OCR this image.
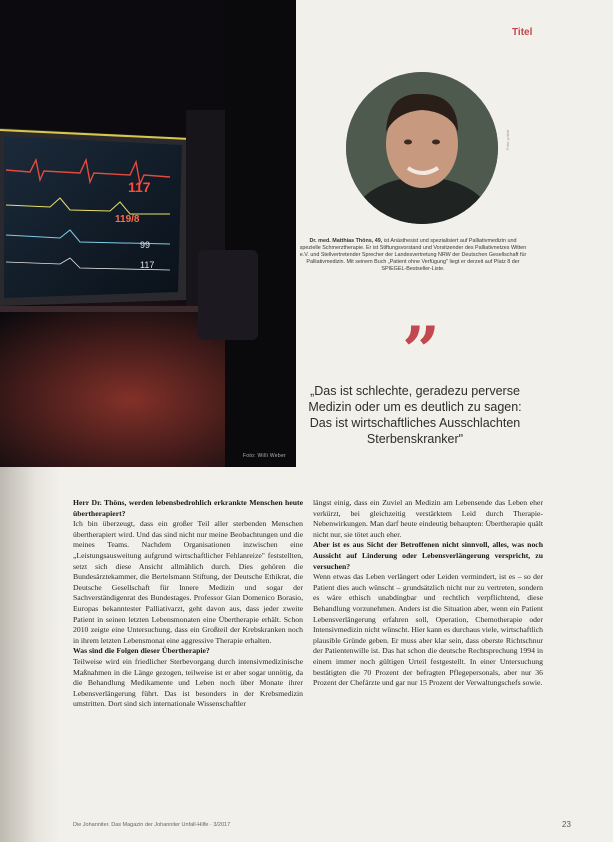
117
119/8
99
117
Foto: Willi Weber
Titel
Foto: privat

Dr. med. Matthias Thöns, 49, ist Anästhesist und spezialisiert auf Palliativmedizin und spezielle Schmerztherapie. Er ist Stiftungsvorstand und Vorsitzender des Palliativnetzes Witten e.V. und Stellvertretender Sprecher der Landesvertretung NRW der Deutschen Gesellschaft für Palliativmedizin. Mit seinem Buch „Patient ohne Verfügung" liegt er derzeit auf Platz 8 der SPIEGEL-Bestseller-Liste.

”

„Das ist schlechte, geradezu perverse Medizin oder um es deutlich zu sagen: Das ist wirtschaftliches Ausschlachten Sterbenskranker"

Herr Dr. Thöns, werden lebensbedrohlich erkrankte Menschen heute übertherapiert?

Ich bin überzeugt, dass ein großer Teil aller sterbenden Menschen übertherapiert wird. Und das sind nicht nur meine Beobachtungen und die meines Teams. Nachdem Organisationen inzwischen eine „Leistungsausweitung aufgrund wirtschaftlicher Fehlanreize" feststellten, setzt sich diese Ansicht allmählich durch. Dies gehören die Bundesärztekammer, die Bertelsmann Stiftung, der Deutsche Ethikrat, die Deutsche Gesellschaft für Innere Medizin und sogar der Sachverständigenrat des Bundestages. Professor Gian Domenico Borasio, Europas bekanntester Palliativarzt, geht davon aus, dass jeder zweite Patient in seinen letzten Lebensmonaten eine Übertherapie erhält. Schon 2010 zeigte eine Untersuchung, dass ein Großteil der Krebskranken noch in ihrem letzten Lebensmonat eine aggressive Therapie erhalten.

Was sind die Folgen dieser Übertherapie?

Teilweise wird ein friedlicher Sterbevorgang durch intensivmedizinische Maßnahmen in die Länge gezogen, teilweise ist er aber sogar unnötig, da die Behandlung Medikamente und Leben noch über Monate ihrer Lebensverlängerung führt. Das ist besonders in der Krebsmedizin umstritten. Dort sind sich internationale Wissenschaftler

längst einig, dass ein Zuviel an Medizin am Lebensende das Leben eher verkürzt, bei gleichzeitig verstärktem Leid durch Therapie-Nebenwirkungen. Man darf heute eindeutig behaupten: Übertherapie quält nicht nur, sie tötet auch eher.

Aber ist es aus Sicht der Betroffenen nicht sinnvoll, alles, was noch Aussicht auf Linderung oder Lebensverlängerung verspricht, zu versuchen?

Wenn etwas das Leben verlängert oder Leiden vermindert, ist es – so der Patient dies auch wünscht – grundsätzlich nicht nur zu vertreten, sondern es wäre ethisch unabdingbar und rechtlich verpflichtend, diese Behandlung vorzunehmen. Anders ist die Situation aber, wenn ein Patient Lebensverlängerung erfahren soll, Operation, Chemotherapie oder Intensivmedizin nicht wünscht. Hier kann es durchaus viele, wirtschaftlich plausible Gründe geben. Er muss aber klar sein, dass oberste Richtschnur der Patientenwille ist. Das hat schon die deutsche Rechtsprechung 1994 in einem immer noch gültigen Urteil festgestellt. In einer Untersuchung bestätigten die 70 Prozent der befragten Pflegepersonals, aber nur 36 Prozent der Chefärzte und gar nur 15 Prozent der Verwaltungschefs sowie.

Die Johanniter. Das Magazin der Johanniter Unfall-Hilfe · 3/2017	23
